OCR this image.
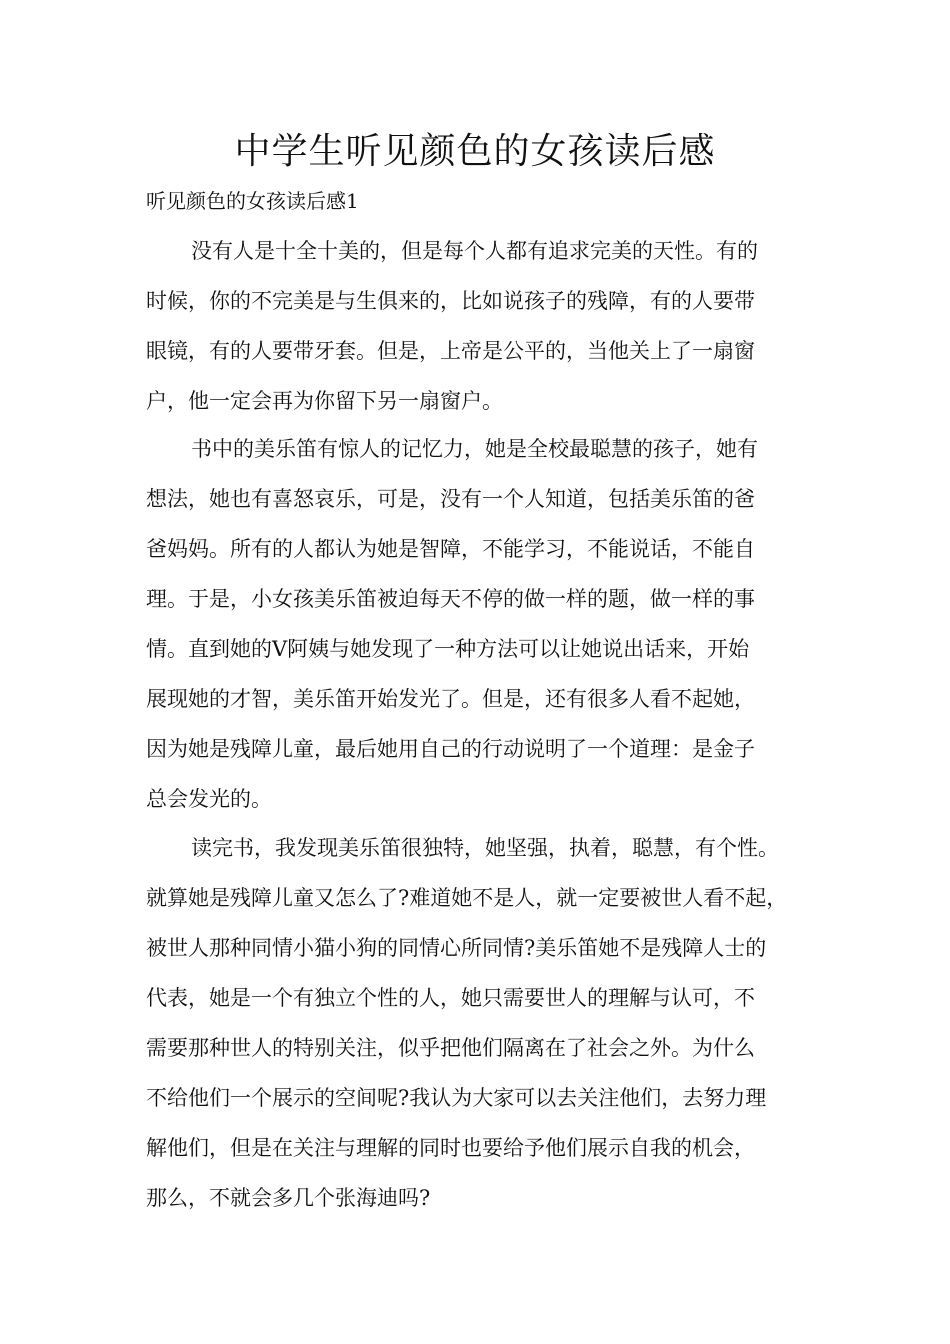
中学生听见颜色的女孩读后感

听见颜色的女孩读后感1

没有人是十全十美的，但是每个人都有追求完美的天性。有的
时候，你的不完美是与生俱来的，比如说孩子的残障，有的人要带
眼镜，有的人要带牙套。但是，上帝是公平的，当他关上了一扇窗
户，他一定会再为你留下另一扇窗户。
书中的美乐笛有惊人的记忆力，她是全校最聪慧的孩子，她有
想法，她也有喜怒哀乐，可是，没有一个人知道，包括美乐笛的爸
爸妈妈。所有的人都认为她是智障，不能学习，不能说话，不能自
理。于是，小女孩美乐笛被迫每天不停的做一样的题，做一样的事
情。直到她的V阿姨与她发现了一种方法可以让她说出话来，开始
展现她的才智，美乐笛开始发光了。但是，还有很多人看不起她，
因为她是残障儿童，最后她用自己的行动说明了一个道理：是金子
总会发光的。
读完书，我发现美乐笛很独特，她坚强，执着，聪慧，有个性。
就算她是残障儿童又怎么了?难道她不是人，就一定要被世人看不起，
被世人那种同情小猫小狗的同情心所同情?美乐笛她不是残障人士的
代表，她是一个有独立个性的人，她只需要世人的理解与认可，不
需要那种世人的特别关注，似乎把他们隔离在了社会之外。为什么
不给他们一个展示的空间呢?我认为大家可以去关注他们，去努力理
解他们，但是在关注与理解的同时也要给予他们展示自我的机会，
那么，不就会多几个张海迪吗?
